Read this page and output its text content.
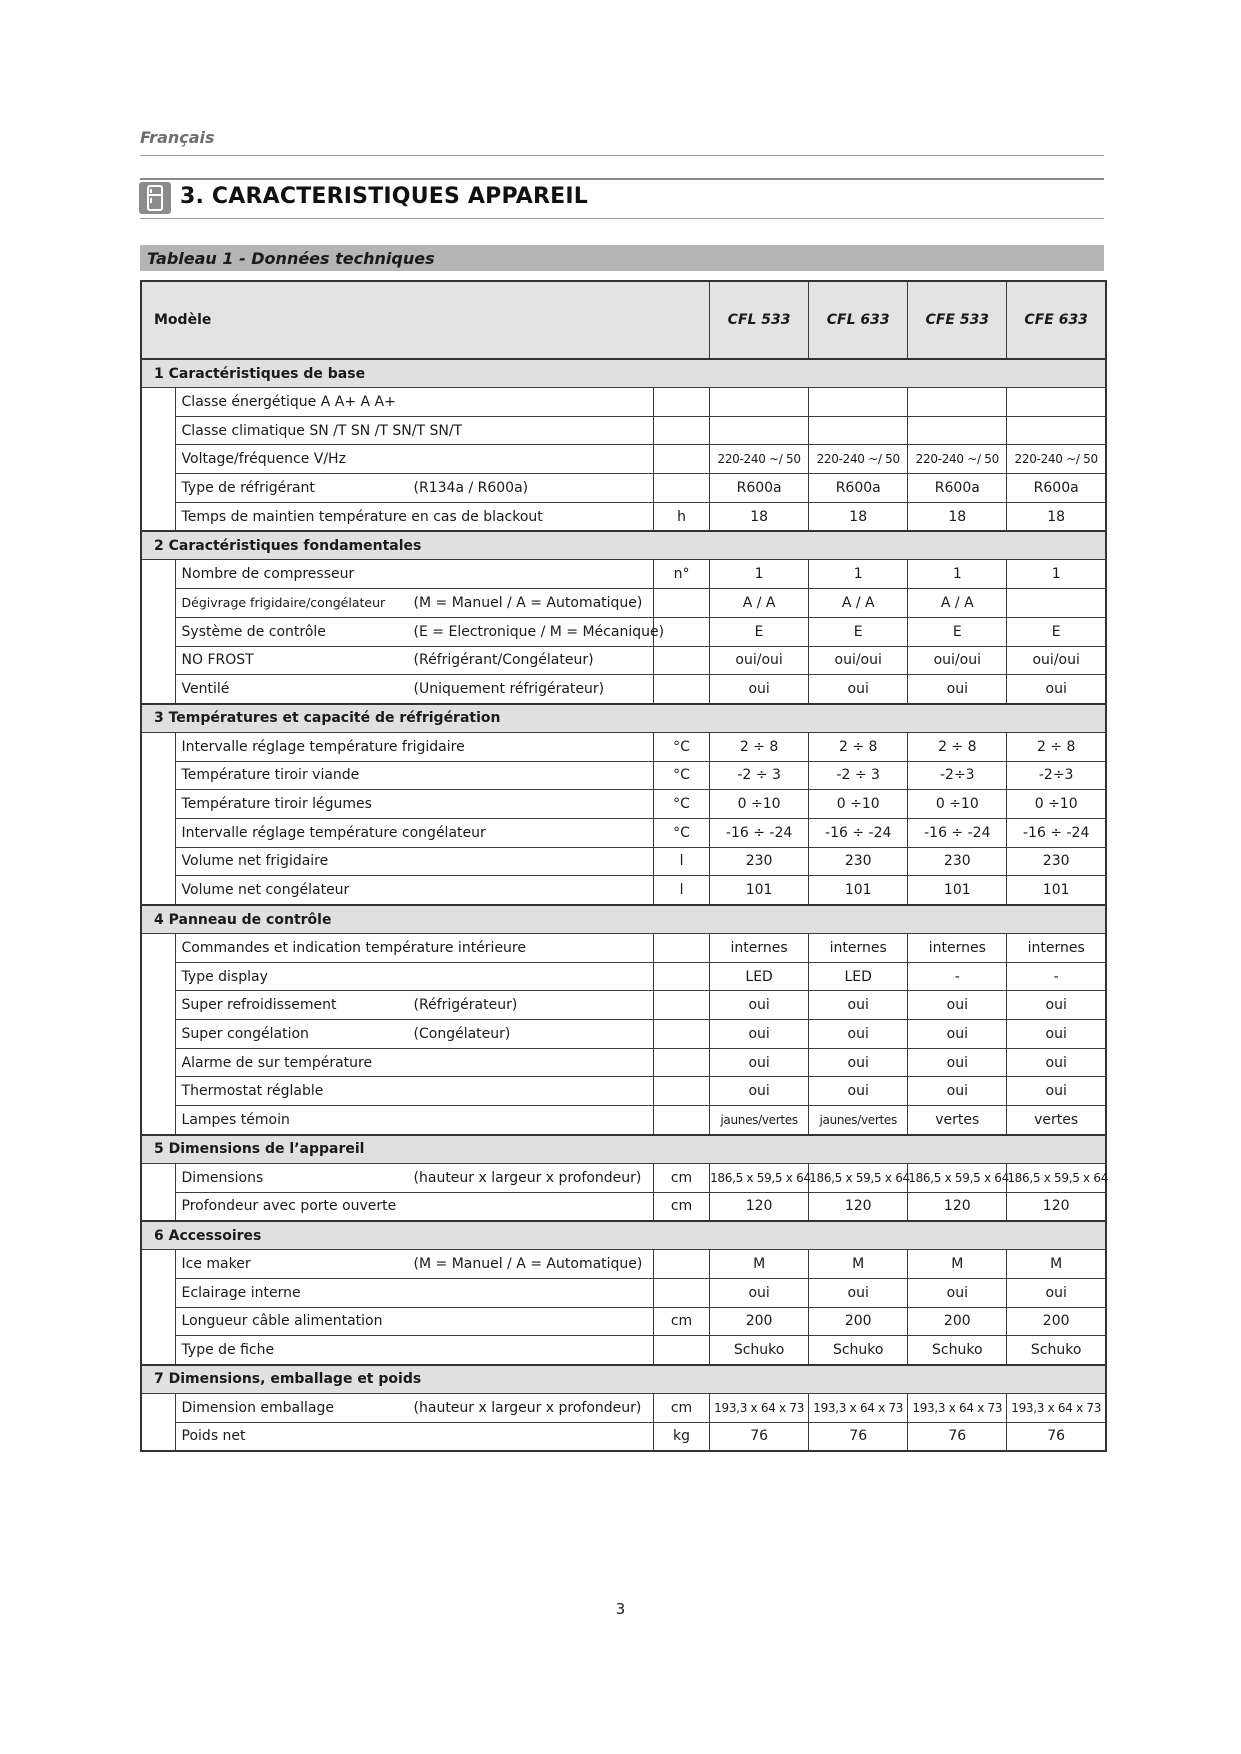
Français
3. CARACTERISTIQUES APPAREIL
Tableau 1 - Données techniques
Modèle			CFL 533	CFL 633	CFE 533	CFE 633
1 Caractéristiques de base						
	Classe énergétique A A+ A A+					
	Classe climatique SN /T SN /T SN/T SN/T					
	Voltage/fréquence V/Hz		220-240 ~/ 50	220-240 ~/ 50	220-240 ~/ 50	220-240 ~/ 50
	Type de réfrigérant (R134a / R600a)		R600a	R600a	R600a	R600a
	Temps de maintien température en cas de blackout	h	18	18	18	18
2 Caractéristiques fondamentales						
	Nombre de compresseur	n°	1	1	1	1
	Dégivrage frigidaire/congélateur (M = Manuel / A = Automatique)		A / A	A / A	A / A	
	Système de contrôle (E = Electronique / M = Mécanique)		E	E	E	E
	NO FROST (Réfrigérant/Congélateur)		oui/oui	oui/oui	oui/oui	oui/oui
	Ventilé (Uniquement réfrigérateur)		oui	oui	oui	oui
3 Températures et capacité de réfrigération						
	Intervalle réglage température frigidaire	°C	2 ÷ 8	2 ÷ 8	2 ÷ 8	2 ÷ 8
	Température tiroir viande	°C	-2 ÷ 3	-2 ÷ 3	-2÷3	-2÷3
	Température tiroir légumes	°C	0 ÷10	0 ÷10	0 ÷10	0 ÷10
	Intervalle réglage température congélateur	°C	-16 ÷ -24	-16 ÷ -24	-16 ÷ -24	-16 ÷ -24
	Volume net frigidaire	l	230	230	230	230
	Volume net congélateur	l	101	101	101	101
4 Panneau de contrôle						
	Commandes et indication température intérieure		internes	internes	internes	internes
	Type display		LED	LED	-	-
	Super refroidissement (Réfrigérateur)		oui	oui	oui	oui
	Super congélation (Congélateur)		oui	oui	oui	oui
	Alarme de sur température		oui	oui	oui	oui
	Thermostat réglable		oui	oui	oui	oui
	Lampes témoin		jaunes/vertes	jaunes/vertes	vertes	vertes
5 Dimensions de l’appareil						
	Dimensions (hauteur x largeur x profondeur)	cm	186,5 x 59,5 x 64	186,5 x 59,5 x 64	186,5 x 59,5 x 64	186,5 x 59,5 x 64
	Profondeur avec porte ouverte	cm	120	120	120	120
6 Accessoires						
	Ice maker (M = Manuel / A = Automatique)		M	M	M	M
	Eclairage interne		oui	oui	oui	oui
	Longueur câble alimentation	cm	200	200	200	200
	Type de fiche		Schuko	Schuko	Schuko	Schuko
7 Dimensions, emballage et poids						
	Dimension emballage (hauteur x largeur x profondeur)	cm	193,3 x 64 x 73	193,3 x 64 x 73	193,3 x 64 x 73	193,3 x 64 x 73
	Poids net	kg	76	76	76	76
3
